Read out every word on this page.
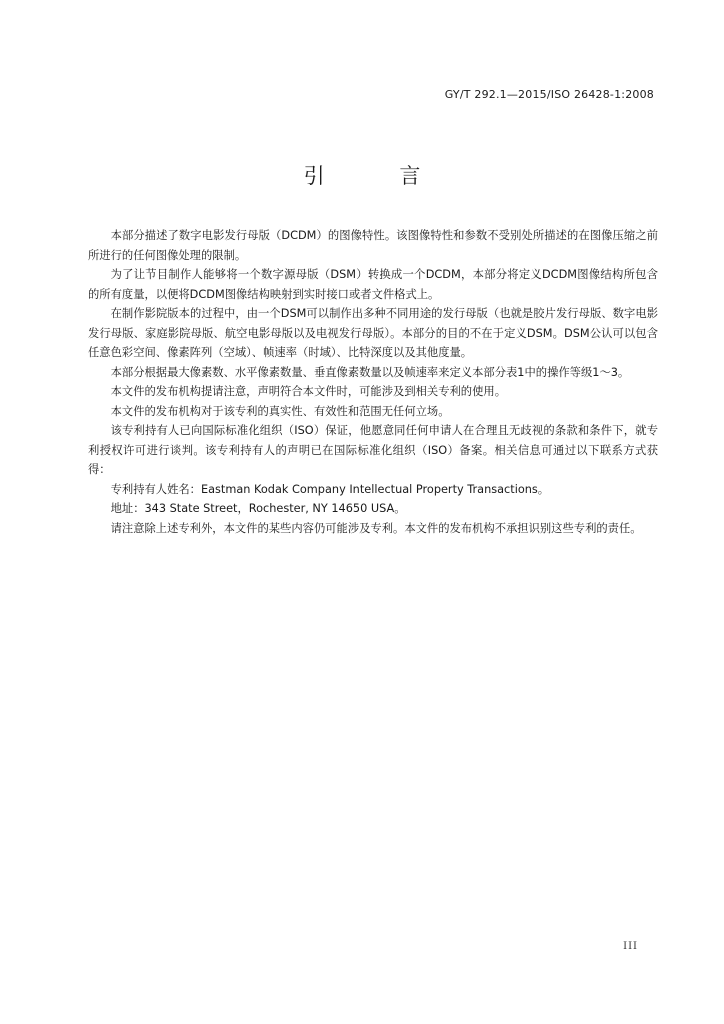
GY/T 292.1—2015/ISO 26428-1:2008
引 言

本部分描述了数字电影发行母版（DCDM）的图像特性。该图像特性和参数不受别处所描述的在图像压缩之前所进行的任何图像处理的限制。

为了让节目制作人能够将一个数字源母版（DSM）转换成一个DCDM，本部分将定义DCDM图像结构所包含的所有度量，以便将DCDM图像结构映射到实时接口或者文件格式上。

在制作影院版本的过程中，由一个DSM可以制作出多种不同用途的发行母版（也就是胶片发行母版、数字电影发行母版、家庭影院母版、航空电影母版以及电视发行母版）。本部分的目的不在于定义DSM。DSM公认可以包含任意色彩空间、像素阵列（空域）、帧速率（时域）、比特深度以及其他度量。

本部分根据最大像素数、水平像素数量、垂直像素数量以及帧速率来定义本部分表1中的操作等级1～3。

本文件的发布机构提请注意，声明符合本文件时，可能涉及到相关专利的使用。

本文件的发布机构对于该专利的真实性、有效性和范围无任何立场。

该专利持有人已向国际标准化组织（ISO）保证，他愿意同任何申请人在合理且无歧视的条款和条件下，就专利授权许可进行谈判。该专利持有人的声明已在国际标准化组织（ISO）备案。相关信息可通过以下联系方式获得：

专利持有人姓名：Eastman Kodak Company Intellectual Property Transactions。

地址：343 State Street，Rochester, NY 14650 USA。

请注意除上述专利外，本文件的某些内容仍可能涉及专利。本文件的发布机构不承担识别这些专利的责任。

III
